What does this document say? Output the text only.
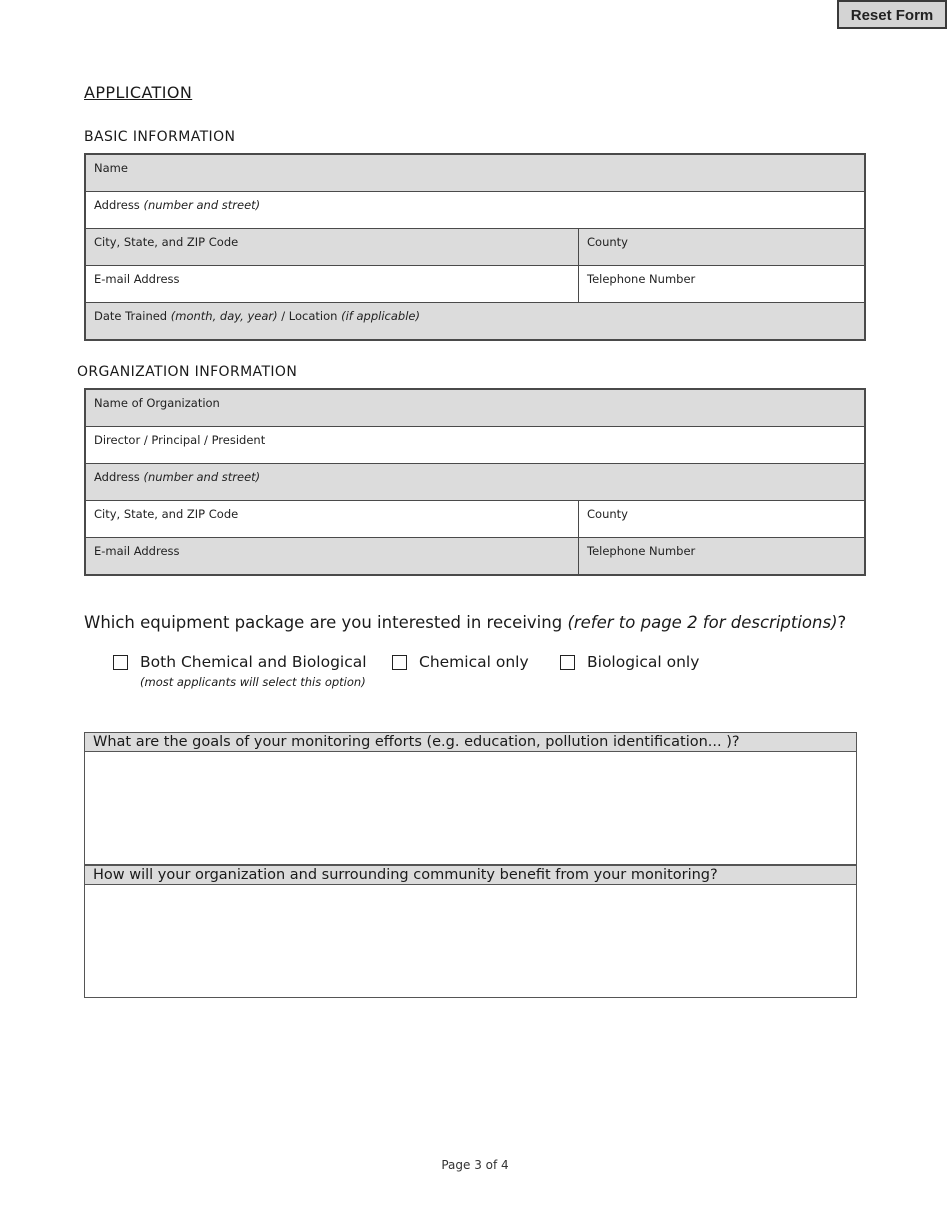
Reset Form
APPLICATION
BASIC INFORMATION
Name
Address (number and street)
City, State, and ZIP Code	County
E-mail Address	Telephone Number
Date Trained (month, day, year) / Location (if applicable)
ORGANIZATION INFORMATION
Name of Organization
Director / Principal / President
Address (number and street)
City, State, and ZIP Code	County
E-mail Address	Telephone Number
Which equipment package are you interested in receiving (refer to page 2 for descriptions)?
Both Chemical and Biological	Chemical only	Biological only
(most applicants will select this option)
What are the goals of your monitoring efforts (e.g. education, pollution identification... )?
How will your organization and surrounding community benefit from your monitoring?
Page 3 of 4
